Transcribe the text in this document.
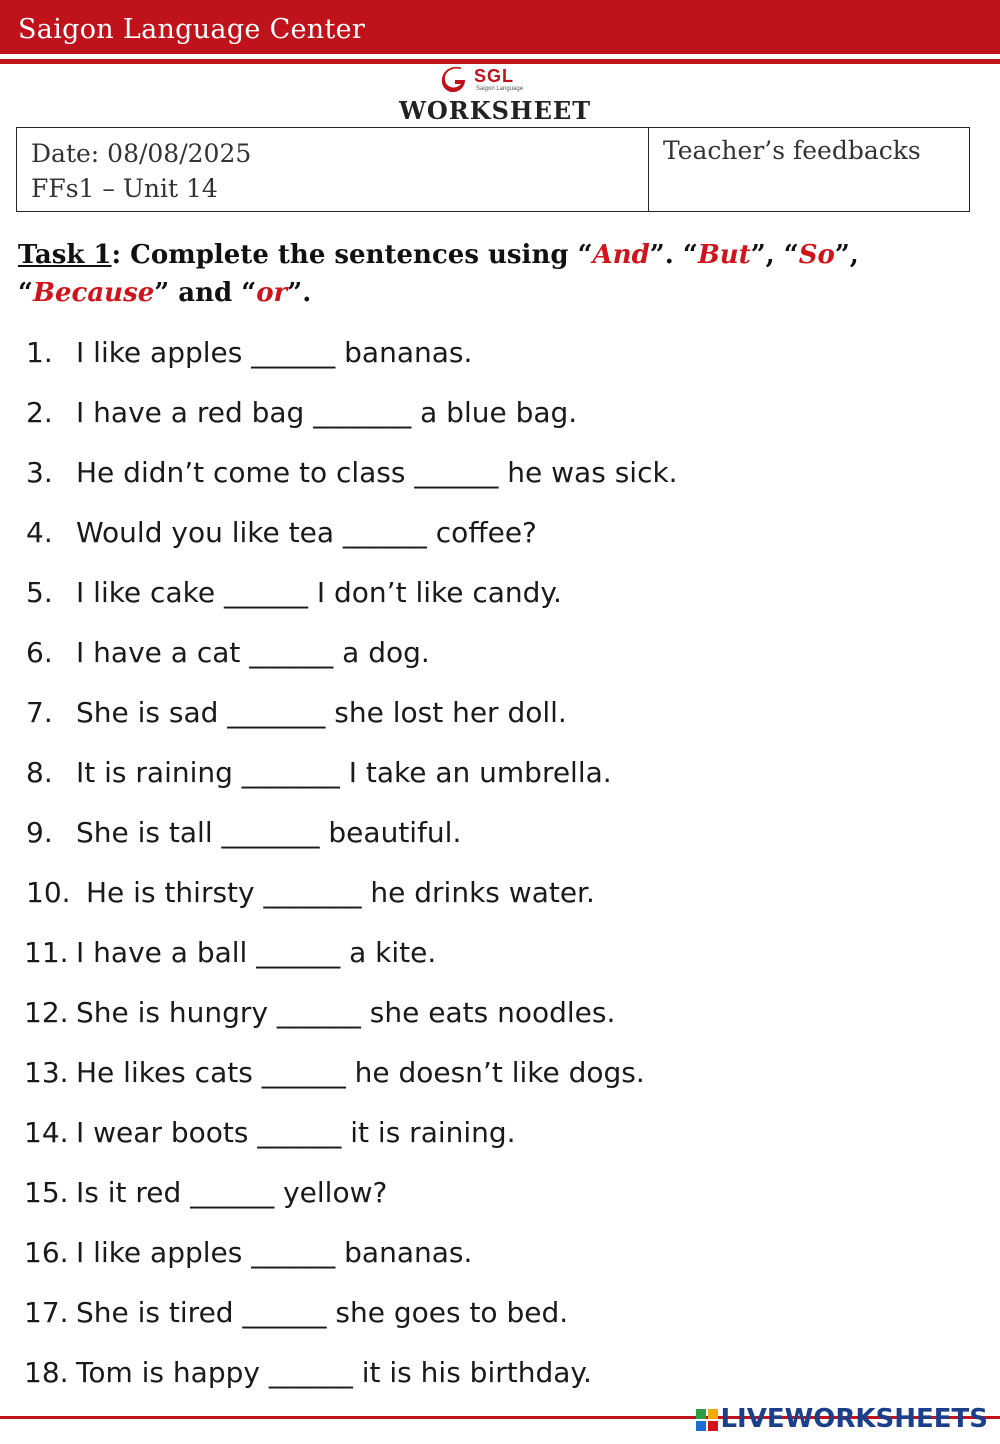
Saigon Language Center
SGL
Saigon Language
WORKSHEET
Date: 08/08/2025
FFs1 – Unit 14
Teacher’s feedbacks
Task 1: Complete the sentences using “And”. “But”, “So”, “Because” and “or”.
1. I like apples ______ bananas.
2. I have a red bag _______ a blue bag.
3. He didn’t come to class ______ he was sick.
4. Would you like tea ______ coffee?
5. I like cake ______ I don’t like candy.
6. I have a cat ______ a dog.
7. She is sad _______ she lost her doll.
8. It is raining _______ I take an umbrella.
9. She is tall _______ beautiful.
10. He is thirsty _______ he drinks water.
11. I have a ball ______ a kite.
12. She is hungry ______ she eats noodles.
13. He likes cats ______ he doesn’t like dogs.
14. I wear boots ______ it is raining.
15. Is it red ______ yellow?
16. I like apples ______ bananas.
17. She is tired ______ she goes to bed.
18. Tom is happy ______ it is his birthday.
LIVEWORKSHEETS
